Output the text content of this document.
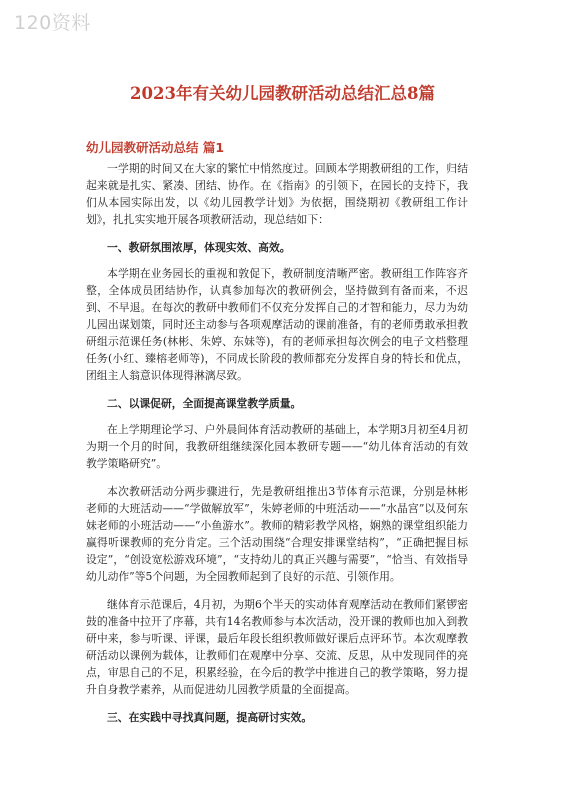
120资料
2023年有关幼儿园教研活动总结汇总8篇
幼儿园教研活动总结 篇1

一学期的时间又在大家的繁忙中悄然度过。回顾本学期教研组的工作，归结起来就是扎实、紧凑、团结、协作。在《指南》的引领下，在园长的支持下，我们从本园实际出发，以《幼儿园教学计划》为依据，围绕期初《教研组工作计划》，扎扎实实地开展各项教研活动，现总结如下：

一、教研氛围浓厚，体现实效、高效。

本学期在业务园长的重视和敦促下，教研制度清晰严密。教研组工作阵容齐整，全体成员团结协作，认真参加每次的教研例会，坚持做到有备而来，不迟到、不早退。在每次的教研中教师们不仅充分发挥自己的才智和能力，尽力为幼儿园出谋划策，同时还主动参与各项观摩活动的课前准备，有的老师勇敢承担教研组示范课任务(林彬、朱婷、东妹等)，有的老师承担每次例会的电子文档整理任务(小红、臻榕老师等)，不同成长阶段的教师都充分发挥自身的特长和优点，团组主人翁意识体现得淋漓尽致。

二、以课促研，全面提高课堂教学质量。

在上学期理论学习、户外晨间体育活动教研的基础上，本学期3月初至4月初为期一个月的时间，我教研组继续深化园本教研专题——“幼儿体育活动的有效教学策略研究”。

本次教研活动分两步骤进行，先是教研组推出3节体育示范课，分别是林彬老师的大班活动——“学做解放军”，朱婷老师的中班活动——“水晶宫”以及何东妹老师的小班活动——“小鱼游水”。教师的精彩教学风格，娴熟的课堂组织能力赢得听课教师的充分肯定。三个活动围绕“合理安排课堂结构”，“正确把握目标设定”，“创设宽松游戏环境”，“支持幼儿的真正兴趣与需要”，“恰当、有效指导幼儿动作”等5个问题，为全园教师起到了良好的示范、引领作用。

继体育示范课后，4月初，为期6个半天的实动体育观摩活动在教师们紧锣密鼓的准备中拉开了序幕，共有14名教师参与本次活动，没开课的教师也加入到教研中来，参与听课、评课，最后年段长组织教师做好课后点评环节。本次观摩教研活动以课例为载体，让教师们在观摩中分享、交流、反思，从中发现同伴的亮点，审思自己的不足，积累经验，在今后的教学中推进自己的教学策略，努力提升自身教学素养，从而促进幼儿园教学质量的全面提高。

三、在实践中寻找真问题，提高研讨实效。
